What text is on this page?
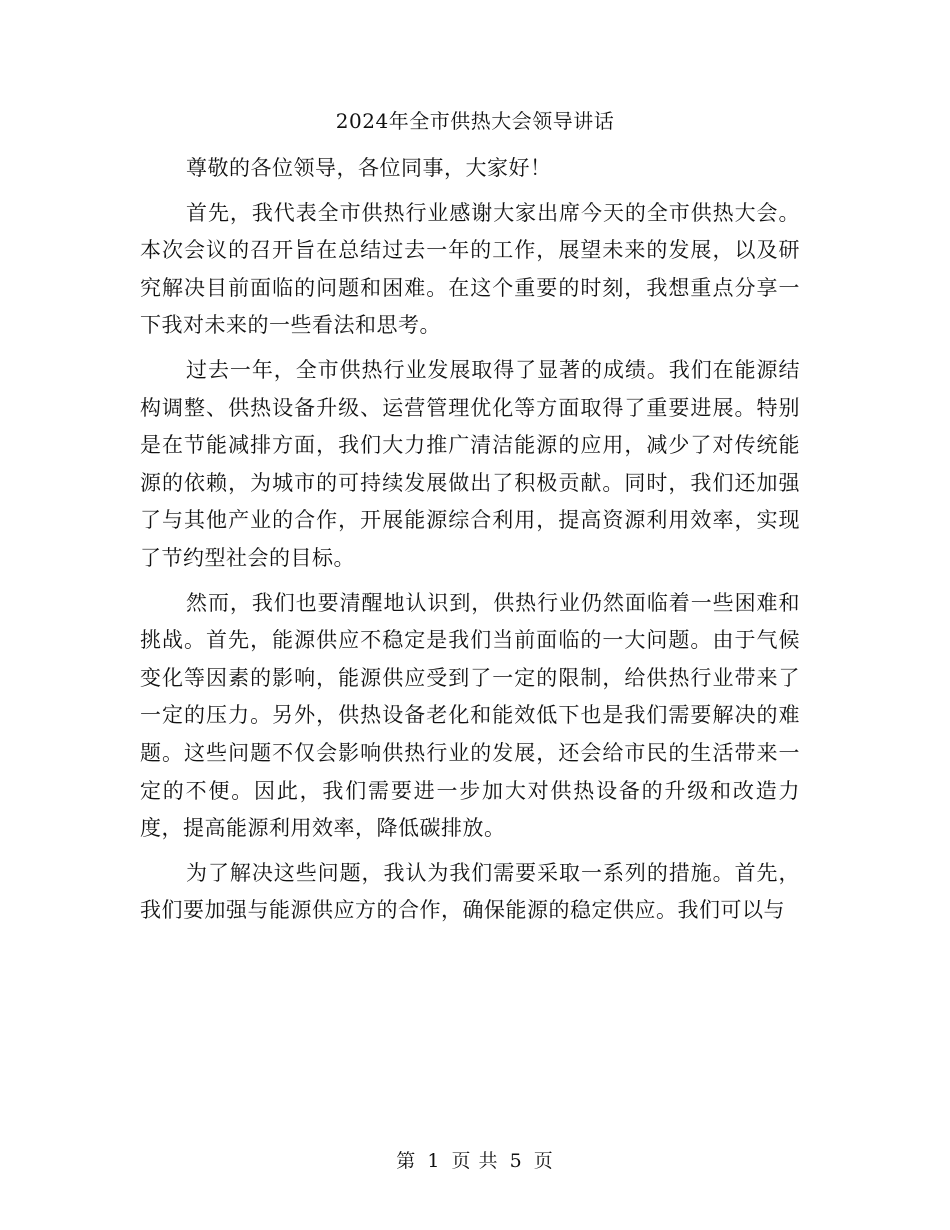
2024年全市供热大会领导讲话

尊敬的各位领导，各位同事，大家好！

首先，我代表全市供热行业感谢大家出席今天的全市供热大会。本次会议的召开旨在总结过去一年的工作，展望未来的发展，以及研究解决目前面临的问题和困难。在这个重要的时刻，我想重点分享一下我对未来的一些看法和思考。

过去一年，全市供热行业发展取得了显著的成绩。我们在能源结构调整、供热设备升级、运营管理优化等方面取得了重要进展。特别是在节能减排方面，我们大力推广清洁能源的应用，减少了对传统能源的依赖，为城市的可持续发展做出了积极贡献。同时，我们还加强了与其他产业的合作，开展能源综合利用，提高资源利用效率，实现了节约型社会的目标。

然而，我们也要清醒地认识到，供热行业仍然面临着一些困难和挑战。首先，能源供应不稳定是我们当前面临的一大问题。由于气候变化等因素的影响，能源供应受到了一定的限制，给供热行业带来了一定的压力。另外，供热设备老化和能效低下也是我们需要解决的难题。这些问题不仅会影响供热行业的发展，还会给市民的生活带来一定的不便。因此，我们需要进一步加大对供热设备的升级和改造力度，提高能源利用效率，降低碳排放。

为了解决这些问题，我认为我们需要采取一系列的措施。首先，我们要加强与能源供应方的合作，确保能源的稳定供应。我们可以与

第 1 页 共 5 页
